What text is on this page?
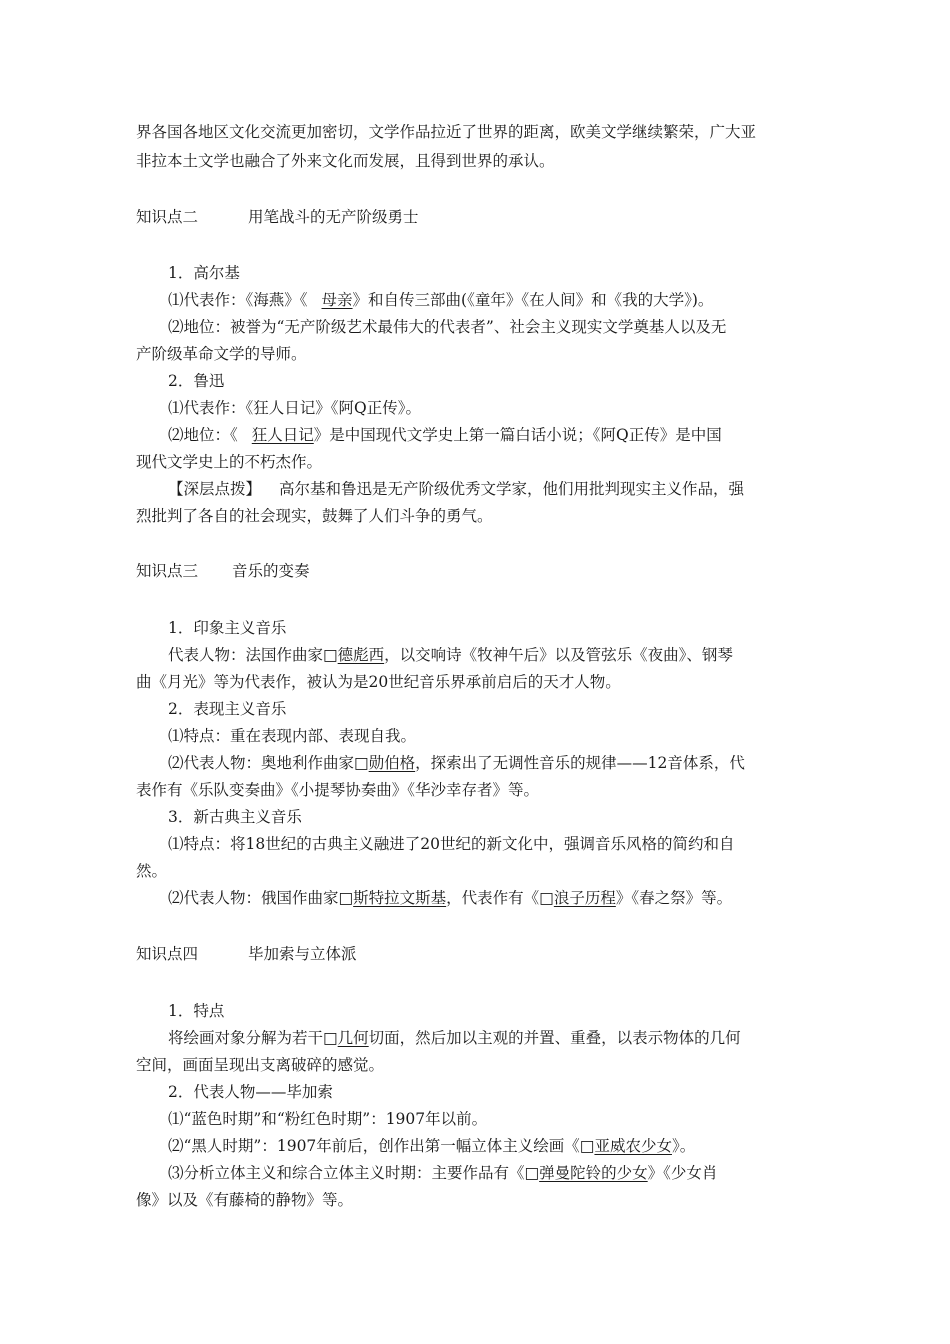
界各国各地区文化交流更加密切，文学作品拉近了世界的距离，欧美文学继续繁荣，广大亚
非拉本土文学也融合了外来文化而发展，且得到世界的承认。
知识点二	用笔战斗的无产阶级勇士
1．高尔基
⑴代表作：《海燕》《 母亲》和自传三部曲(《童年》《在人间》和《我的大学》)。
⑵地位：被誉为“无产阶级艺术最伟大的代表者”、社会主义现实文学奠基人以及无
产阶级革命文学的导师。
2．鲁迅
⑴代表作：《狂人日记》《阿Q正传》。
⑵地位：《 狂人日记》是中国现代文学史上第一篇白话小说；《阿Q正传》是中国
现代文学史上的不朽杰作。
【深层点拨】 高尔基和鲁迅是无产阶级优秀文学家，他们用批判现实主义作品，强
烈批判了各自的社会现实，鼓舞了人们斗争的勇气。
知识点三 音乐的变奏
1．印象主义音乐
代表人物：法国作曲家□德彪西，以交响诗《牧神午后》以及管弦乐《夜曲》、钢琴
曲《月光》等为代表作，被认为是20世纪音乐界承前启后的天才人物。
2．表现主义音乐
⑴特点：重在表现内部、表现自我。
⑵代表人物：奥地利作曲家□勋伯格，探索出了无调性音乐的规律——12音体系，代
表作有《乐队变奏曲》《小提琴协奏曲》《华沙幸存者》等。
3．新古典主义音乐
⑴特点：将18世纪的古典主义融进了20世纪的新文化中，强调音乐风格的简约和自
然。
⑵代表人物：俄国作曲家□斯特拉文斯基，代表作有《□浪子历程》《春之祭》等。
知识点四	毕加索与立体派
1．特点
将绘画对象分解为若干□几何切面，然后加以主观的并置、重叠，以表示物体的几何
空间，画面呈现出支离破碎的感觉。
2．代表人物——毕加索
⑴“蓝色时期”和“粉红色时期”：1907年以前。
⑵“黑人时期”：1907年前后，创作出第一幅立体主义绘画《□亚威农少女》。
⑶分析立体主义和综合立体主义时期：主要作品有《□弹曼陀铃的少女》《少女肖
像》以及《有藤椅的静物》等。
